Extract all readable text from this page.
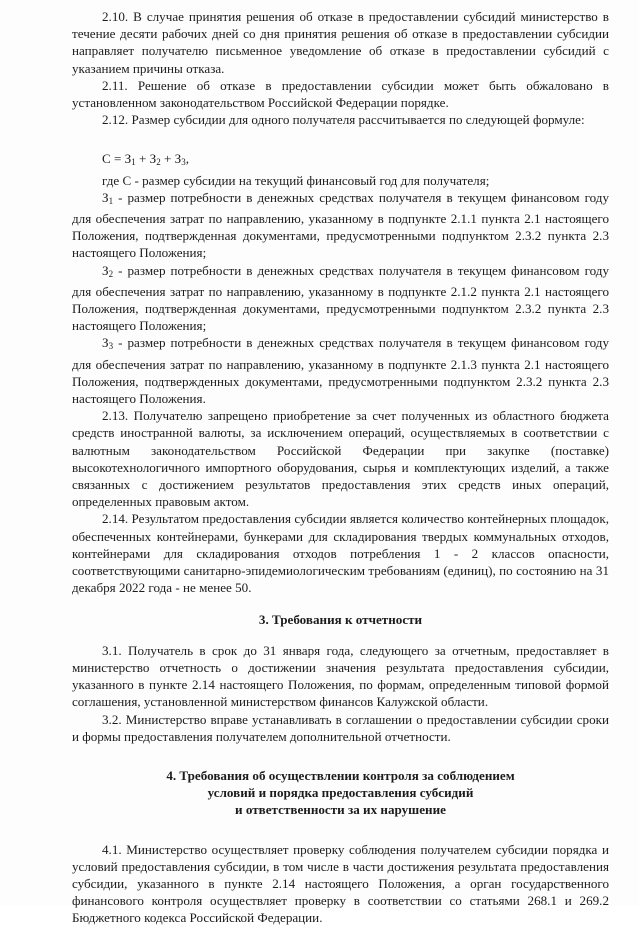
2.10. В случае принятия решения об отказе в предоставлении субсидий министерство в течение десяти рабочих дней со дня принятия решения об отказе в предоставлении субсидии направляет получателю письменное уведомление об отказе в предоставлении субсидий с указанием причины отказа.

2.11. Решение об отказе в предоставлении субсидии может быть обжаловано в установленном законодательством Российской Федерации порядке.

2.12. Размер субсидии для одного получателя рассчитывается по следующей формуле:

$С = З_1 + З_2 + З_3$,

где С - размер субсидии на текущий финансовый год для получателя;

$З_1$ - размер потребности в денежных средствах получателя в текущем финансовом году для обеспечения затрат по направлению, указанному в подпункте 2.1.1 пункта 2.1 настоящего Положения, подтвержденная документами, предусмотренными подпунктом 2.3.2 пункта 2.3 настоящего Положения;

$З_2$ - размер потребности в денежных средствах получателя в текущем финансовом году для обеспечения затрат по направлению, указанному в подпункте 2.1.2 пункта 2.1 настоящего Положения, подтвержденная документами, предусмотренными подпунктом 2.3.2 пункта 2.3 настоящего Положения;

$З_3$ - размер потребности в денежных средствах получателя в текущем финансовом году для обеспечения затрат по направлению, указанному в подпункте 2.1.3 пункта 2.1 настоящего Положения, подтвержденных документами, предусмотренными подпунктом 2.3.2 пункта 2.3 настоящего Положения.

2.13. Получателю запрещено приобретение за счет полученных из областного бюджета средств иностранной валюты, за исключением операций, осуществляемых в соответствии с валютным законодательством Российской Федерации при закупке (поставке) высокотехнологичного импортного оборудования, сырья и комплектующих изделий, а также связанных с достижением результатов предоставления этих средств иных операций, определенных правовым актом.

2.14. Результатом предоставления субсидии является количество контейнерных площадок, обеспеченных контейнерами, бункерами для складирования твердых коммунальных отходов, контейнерами для складирования отходов потребления 1 - 2 классов опасности, соответствующими санитарно-эпидемиологическим требованиям (единиц), по состоянию на 31 декабря 2022 года - не менее 50.

3. Требования к отчетности

3.1. Получатель в срок до 31 января года, следующего за отчетным, предоставляет в министерство отчетность о достижении значения результата предоставления субсидии, указанного в пункте 2.14 настоящего Положения, по формам, определенным типовой формой соглашения, установленной министерством финансов Калужской области.

3.2. Министерство вправе устанавливать в соглашении о предоставлении субсидии сроки и формы предоставления получателем дополнительной отчетности.

4. Требования об осуществлении контроля за соблюдением

условий и порядка предоставления субсидий

и ответственности за их нарушение

4.1. Министерство осуществляет проверку соблюдения получателем субсидии порядка и условий предоставления субсидии, в том числе в части достижения результата предоставления субсидии, указанного в пункте 2.14 настоящего Положения, а орган государственного финансового контроля осуществляет проверку в соответствии со статьями 268.1 и 269.2 Бюджетного кодекса Российской Федерации.
